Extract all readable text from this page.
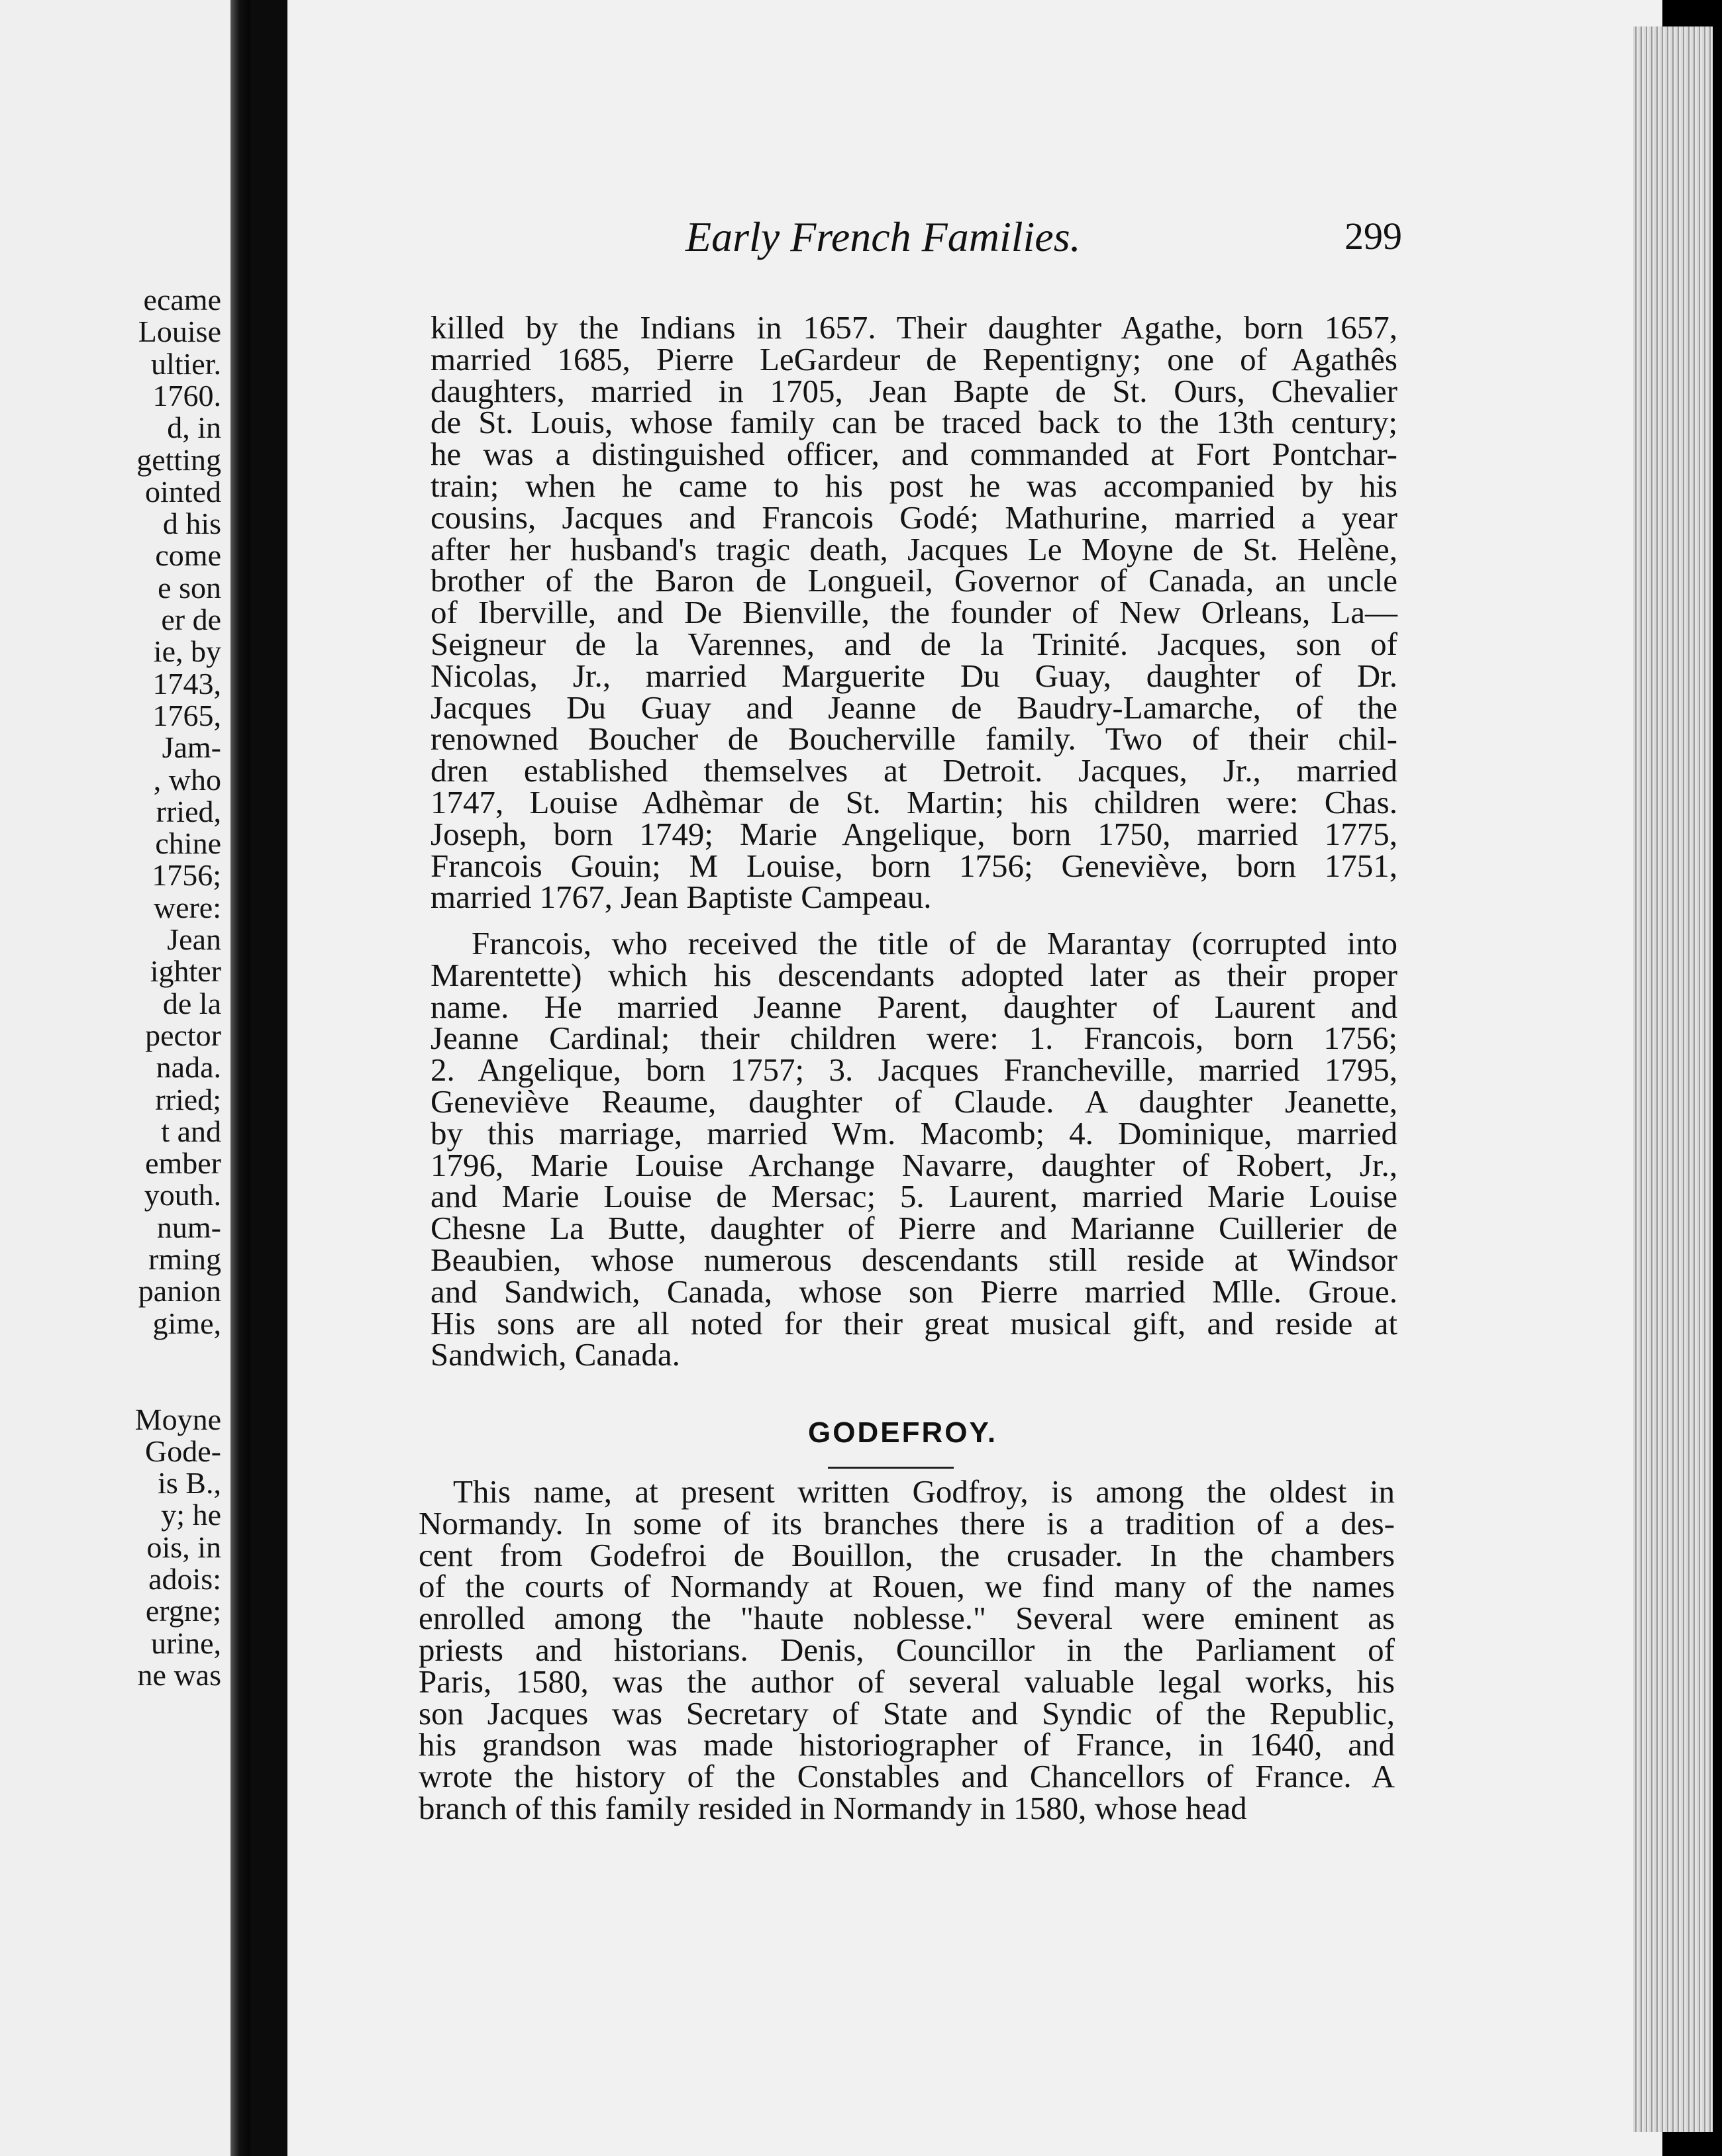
ecame
Louise
ultier.
1760.
d, in
getting
ointed
d his
come
e son
er de
ie, by
1743,
1765,
Jam-
, who
rried,
chine
1756;
were:
Jean
ighter
de la
pector
nada.
rried;
t and
ember
youth.
num-
rming
panion
gime,
Moyne
Gode-
is B.,
y; he
ois, in
adois:
ergne;
urine,
ne was
Early French Families.	299
killed by the Indians in 1657. Their daughter Agathe, born 1657,
married 1685, Pierre LeGardeur de Repentigny; one of Agathês
daughters, married in 1705, Jean Bapte de St. Ours, Chevalier
de St. Louis, whose family can be traced back to the 13th century;
he was a distinguished officer, and commanded at Fort Pontchar-
train; when he came to his post he was accompanied by his
cousins, Jacques and Francois Godé; Mathurine, married a year
after her husband's tragic death, Jacques Le Moyne de St. Helène,
brother of the Baron de Longueil, Governor of Canada, an uncle
of Iberville, and De Bienville, the founder of New Orleans, La—
Seigneur de la Varennes, and de la Trinité. Jacques, son of
Nicolas, Jr., married Marguerite Du Guay, daughter of Dr.
Jacques Du Guay and Jeanne de Baudry-Lamarche, of the
renowned Boucher de Boucherville family. Two of their chil-
dren established themselves at Detroit. Jacques, Jr., married
1747, Louise Adhèmar de St. Martin; his children were: Chas.
Joseph, born 1749; Marie Angelique, born 1750, married 1775,
Francois Gouin; M Louise, born 1756; Geneviève, born 1751,
married 1767, Jean Baptiste Campeau.
Francois, who received the title of de Marantay (corrupted into
Marentette) which his descendants adopted later as their proper
name. He married Jeanne Parent, daughter of Laurent and
Jeanne Cardinal; their children were: 1. Francois, born 1756;
2. Angelique, born 1757; 3. Jacques Francheville, married 1795,
Geneviève Reaume, daughter of Claude. A daughter Jeanette,
by this marriage, married Wm. Macomb; 4. Dominique, married
1796, Marie Louise Archange Navarre, daughter of Robert, Jr.,
and Marie Louise de Mersac; 5. Laurent, married Marie Louise
Chesne La Butte, daughter of Pierre and Marianne Cuillerier de
Beaubien, whose numerous descendants still reside at Windsor
and Sandwich, Canada, whose son Pierre married Mlle. Groue.
His sons are all noted for their great musical gift, and reside at
Sandwich, Canada.
This name, at present written Godfroy, is among the oldest in
Normandy. In some of its branches there is a tradition of a des-
cent from Godefroi de Bouillon, the crusader. In the chambers
of the courts of Normandy at Rouen, we find many of the names
enrolled among the "haute noblesse." Several were eminent as
priests and historians. Denis, Councillor in the Parliament of
Paris, 1580, was the author of several valuable legal works, his
son Jacques was Secretary of State and Syndic of the Republic,
his grandson was made historiographer of France, in 1640, and
wrote the history of the Constables and Chancellors of France. A
branch of this family resided in Normandy in 1580, whose head
GODEFROY.
